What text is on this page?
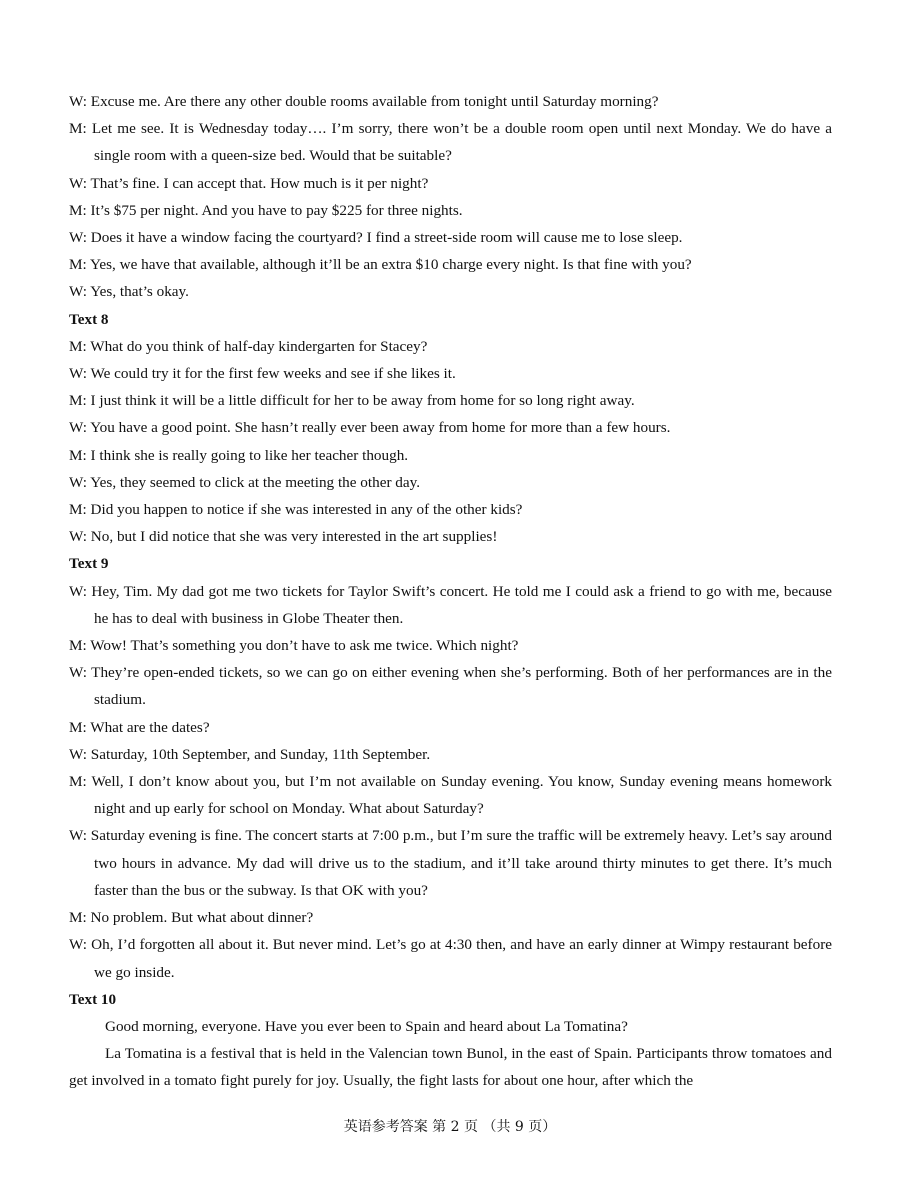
W: Excuse me. Are there any other double rooms available from tonight until Saturday morning?

M: Let me see. It is Wednesday today…. I’m sorry, there won’t be a double room open until next Monday. We do have a single room with a queen-size bed. Would that be suitable?

W: That’s fine. I can accept that. How much is it per night?

M: It’s $75 per night. And you have to pay $225 for three nights.

W: Does it have a window facing the courtyard? I find a street-side room will cause me to lose sleep.

M: Yes, we have that available, although it’ll be an extra $10 charge every night. Is that fine with you?

W: Yes, that’s okay.

Text 8

M: What do you think of half-day kindergarten for Stacey?

W: We could try it for the first few weeks and see if she likes it.

M: I just think it will be a little difficult for her to be away from home for so long right away.

W: You have a good point. She hasn’t really ever been away from home for more than a few hours.

M: I think she is really going to like her teacher though.

W: Yes, they seemed to click at the meeting the other day.

M: Did you happen to notice if she was interested in any of the other kids?

W: No, but I did notice that she was very interested in the art supplies!

Text 9

W: Hey, Tim. My dad got me two tickets for Taylor Swift’s concert. He told me I could ask a friend to go with me, because he has to deal with business in Globe Theater then.

M: Wow! That’s something you don’t have to ask me twice. Which night?

W: They’re open-ended tickets, so we can go on either evening when she’s performing. Both of her performances are in the stadium.

M: What are the dates?

W: Saturday, 10th September, and Sunday, 11th September.

M: Well, I don’t know about you, but I’m not available on Sunday evening. You know, Sunday evening means homework night and up early for school on Monday. What about Saturday?

W: Saturday evening is fine. The concert starts at 7:00 p.m., but I’m sure the traffic will be extremely heavy. Let’s say around two hours in advance. My dad will drive us to the stadium, and it’ll take around thirty minutes to get there. It’s much faster than the bus or the subway. Is that OK with you?

M: No problem. But what about dinner?

W: Oh, I’d forgotten all about it. But never mind. Let’s go at 4:30 then, and have an early dinner at Wimpy restaurant before we go inside.

Text 10

Good morning, everyone. Have you ever been to Spain and heard about La Tomatina?

La Tomatina is a festival that is held in the Valencian town Bunol, in the east of Spain. Participants throw tomatoes and get involved in a tomato fight purely for joy. Usually, the fight lasts for about one hour, after which the

英语参考答案 第 2 页 （共 9 页）
